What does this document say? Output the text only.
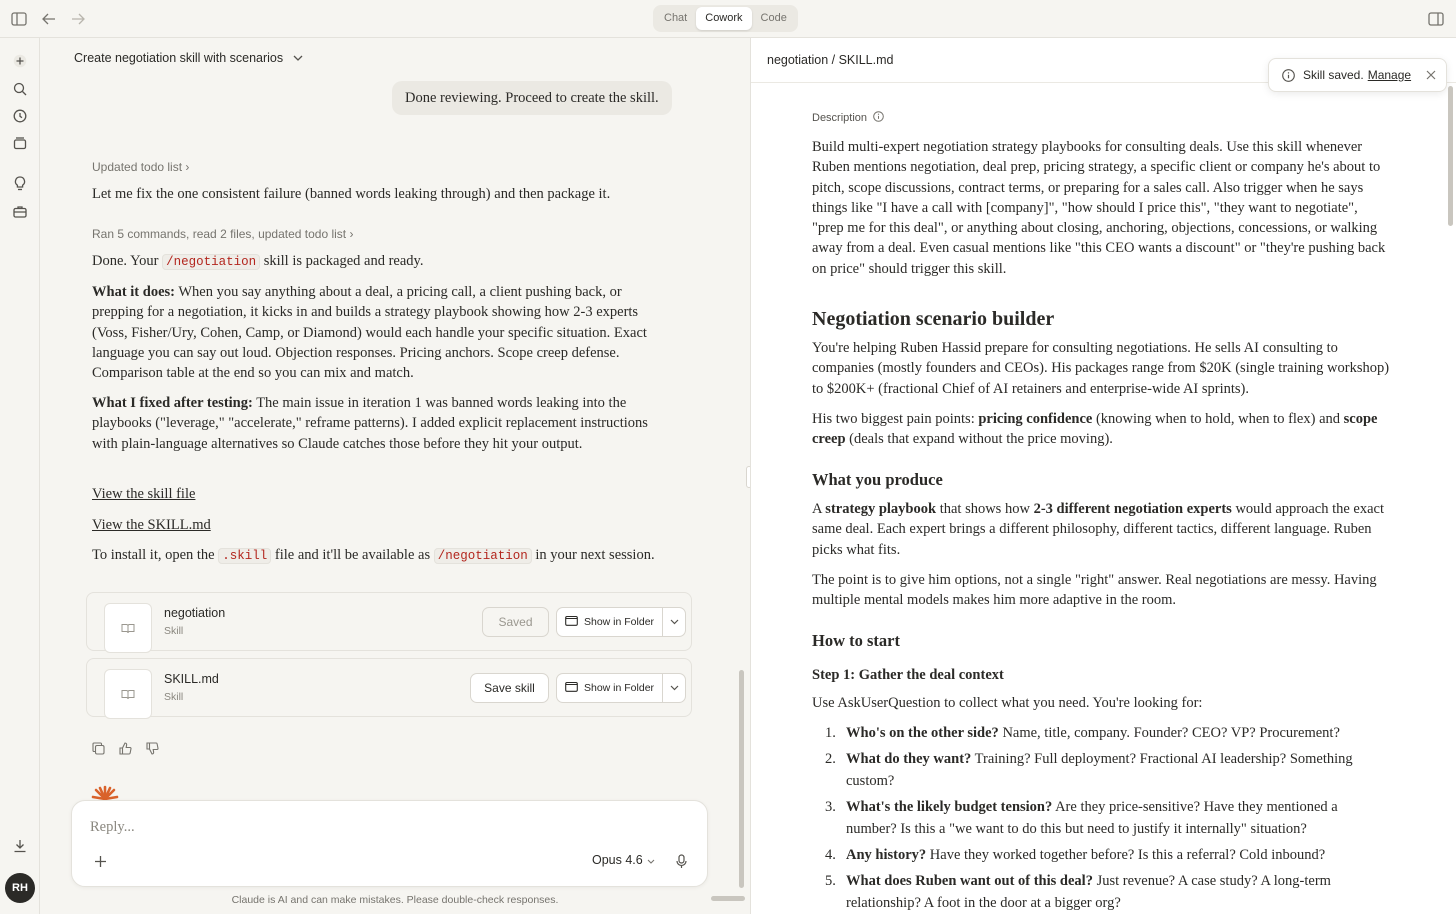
Chat	Cowork	Code
RH
Create negotiation skill with scenarios
Done reviewing. Proceed to create the skill.
Updated todo list ›
Let me fix the one consistent failure (banned words leaking through) and then package it.
Ran 5 commands, read 2 files, updated todo list ›
Done. Your /negotiation skill is packaged and ready.
What it does: When you say anything about a deal, a pricing call, a client pushing back, or prepping for a negotiation, it kicks in and builds a strategy playbook showing how 2-3 experts (Voss, Fisher/Ury, Cohen, Camp, or Diamond) would each handle your specific situation. Exact language you can say out loud. Objection responses. Pricing anchors. Scope creep defense. Comparison table at the end so you can mix and match.
What I fixed after testing: The main issue in iteration 1 was banned words leaking into the playbooks ("leverage," "accelerate," reframe patterns). I added explicit replacement instructions with plain-language alternatives so Claude catches those before they hit your output.
View the skill file
View the SKILL.md
To install it, open the .skill file and it'll be available as /negotiation in your next session.
negotiation
Skill
Saved	Show in Folder
SKILL.md
Skill
Save skill	Show in Folder
Reply...
Opus 4.6
Claude is AI and can make mistakes. Please double-check responses.
negotiation / SKILL.md
Skill saved. Manage
Description
Build multi-expert negotiation strategy playbooks for consulting deals. Use this skill whenever Ruben mentions negotiation, deal prep, pricing strategy, a specific client or company he's about to pitch, scope discussions, contract terms, or preparing for a sales call. Also trigger when he says things like "I have a call with [company]", "how should I price this", "they want to negotiate", "prep me for this deal", or anything about closing, anchoring, objections, concessions, or walking away from a deal. Even casual mentions like "this CEO wants a discount" or "they're pushing back on price" should trigger this skill.
Negotiation scenario builder
You're helping Ruben Hassid prepare for consulting negotiations. He sells AI consulting to companies (mostly founders and CEOs). His packages range from $20K (single training workshop) to $200K+ (fractional Chief of AI retainers and enterprise-wide AI sprints).
His two biggest pain points: pricing confidence (knowing when to hold, when to flex) and scope creep (deals that expand without the price moving).
What you produce
A strategy playbook that shows how 2-3 different negotiation experts would approach the exact same deal. Each expert brings a different philosophy, different tactics, different language. Ruben picks what fits.
The point is to give him options, not a single "right" answer. Real negotiations are messy. Having multiple mental models makes him more adaptive in the room.
How to start
Step 1: Gather the deal context
Use AskUserQuestion to collect what you need. You're looking for:
1. Who's on the other side? Name, title, company. Founder? CEO? VP? Procurement?
2. What do they want? Training? Full deployment? Fractional AI leadership? Something custom?
3. What's the likely budget tension? Are they price-sensitive? Have they mentioned a number? Is this a "we want to do this but need to justify it internally" situation?
4. Any history? Have they worked together before? Is this a referral? Cold inbound?
5. What does Ruben want out of this deal? Just revenue? A case study? A long-term relationship? A foot in the door at a bigger org?
